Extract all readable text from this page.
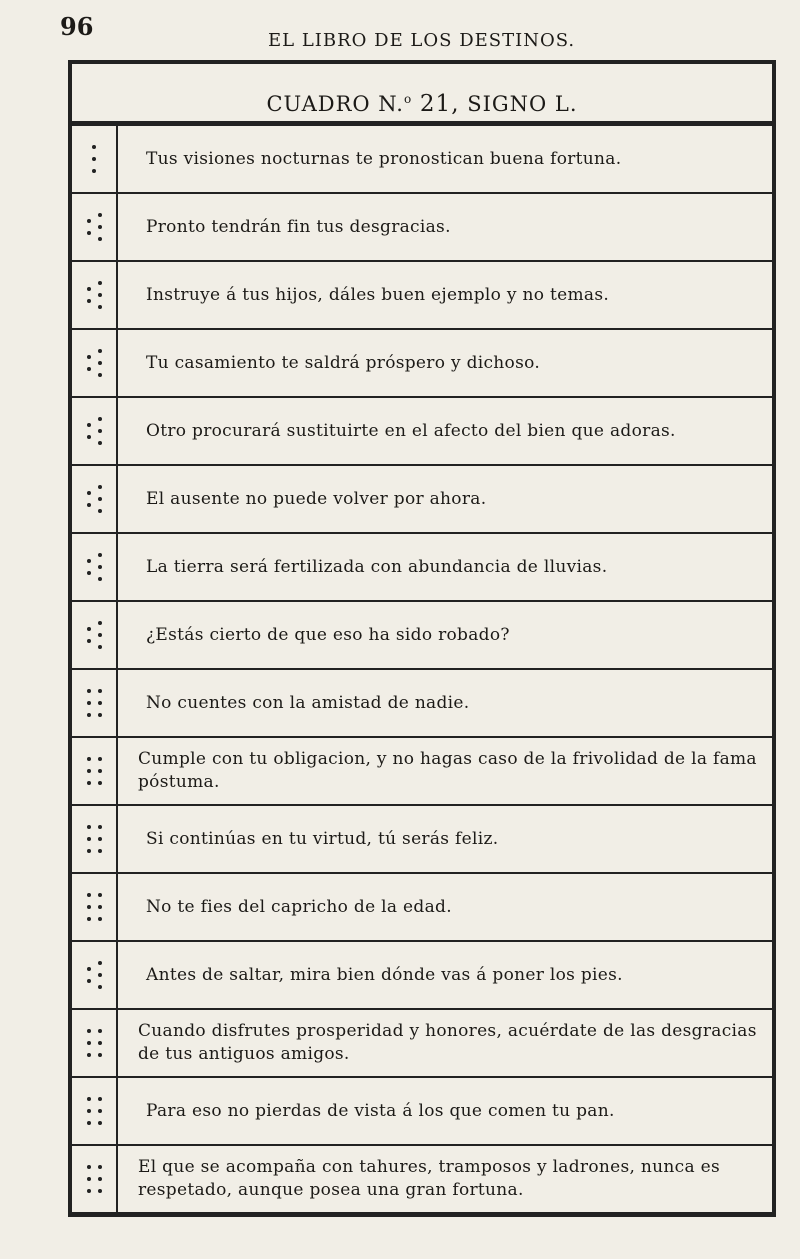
96	EL LIBRO DE LOS DESTINOS.
CUADRO N.$^o$ 21, SIGNO L.
Tus visiones nocturnas te pronostican buena fortuna.
Pronto tendrán fin tus desgracias.
Instruye á tus hijos, dáles buen ejemplo y no temas.
Tu casamiento te saldrá próspero y dichoso.
Otro procurará sustituirte en el afecto del bien que adoras.
El ausente no puede volver por ahora.
La tierra será fertilizada con abundancia de lluvias.
¿Estás cierto de que eso ha sido robado?
No cuentes con la amistad de nadie.
Cumple con tu obligacion, y no hagas caso de la frivolidad de la fama póstuma.
Si continúas en tu virtud, tú serás feliz.
No te fies del capricho de la edad.
Antes de saltar, mira bien dónde vas á poner los pies.
Cuando disfrutes prosperidad y honores, acuérdate de las desgracias de tus antiguos amigos.
Para eso no pierdas de vista á los que comen tu pan.
El que se acompaña con tahures, tramposos y ladrones, nunca es respetado, aunque posea una gran fortuna.
